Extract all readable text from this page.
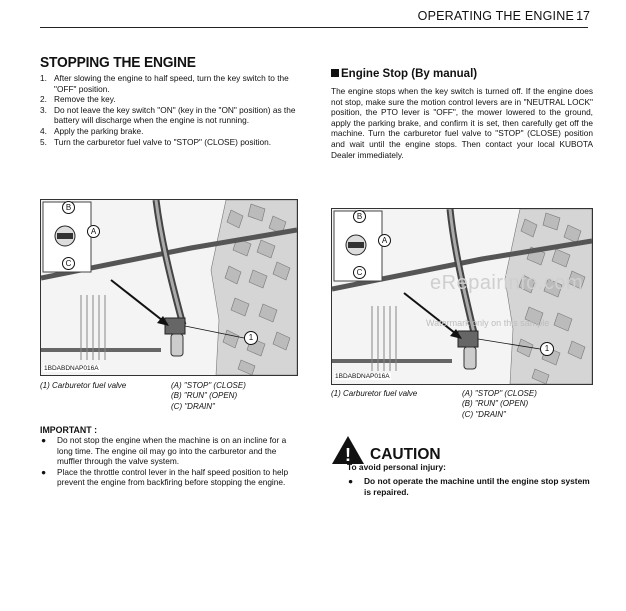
OPERATING THE ENGINE 17
STOPPING THE ENGINE
1. After slowing the engine to half speed, turn the key switch to the "OFF" position.
2. Remove the key.
3. Do not leave the key switch "ON" (key in the "ON" position) as the battery will discharge when the engine is not running.
4. Apply the parking brake.
5. Turn the carburetor fuel valve to "STOP" (CLOSE) position.
B
A
C
1
1BDABDNAP016A
(1) Carburetor fuel valve	(A) "STOP" (CLOSE)
(B) "RUN" (OPEN)
(C) "DRAIN"
IMPORTANT :
●	Do not stop the engine when the machine is on an incline for a long time. The engine oil may go into the carburetor and the muffler through the valve system.
●	Place the throttle control lever in the half speed position to help prevent the engine from backfiring before stopping the engine.
Engine Stop (By manual)
The engine stops when the key switch is turned off. If the engine does not stop, make sure the motion control levers are in "NEUTRAL LOCK" position, the PTO lever is "OFF", the mower lowered to the ground, apply the parking brake, and confirm it is set, then carefully get off the machine. Turn the carburetor fuel valve to "STOP" (CLOSE) position and wait until the engine stops. Then contact your local KUBOTA Dealer immediately.
B
A
C
1
1BDABDNAP016A
eRepairinfo.com
Watermark only on this sample
(1) Carburetor fuel valve	(A) "STOP" (CLOSE)
(B) "RUN" (OPEN)
(C) "DRAIN"
! CAUTION
To avoid personal injury:
●	Do not operate the machine until the engine stop system is repaired.
